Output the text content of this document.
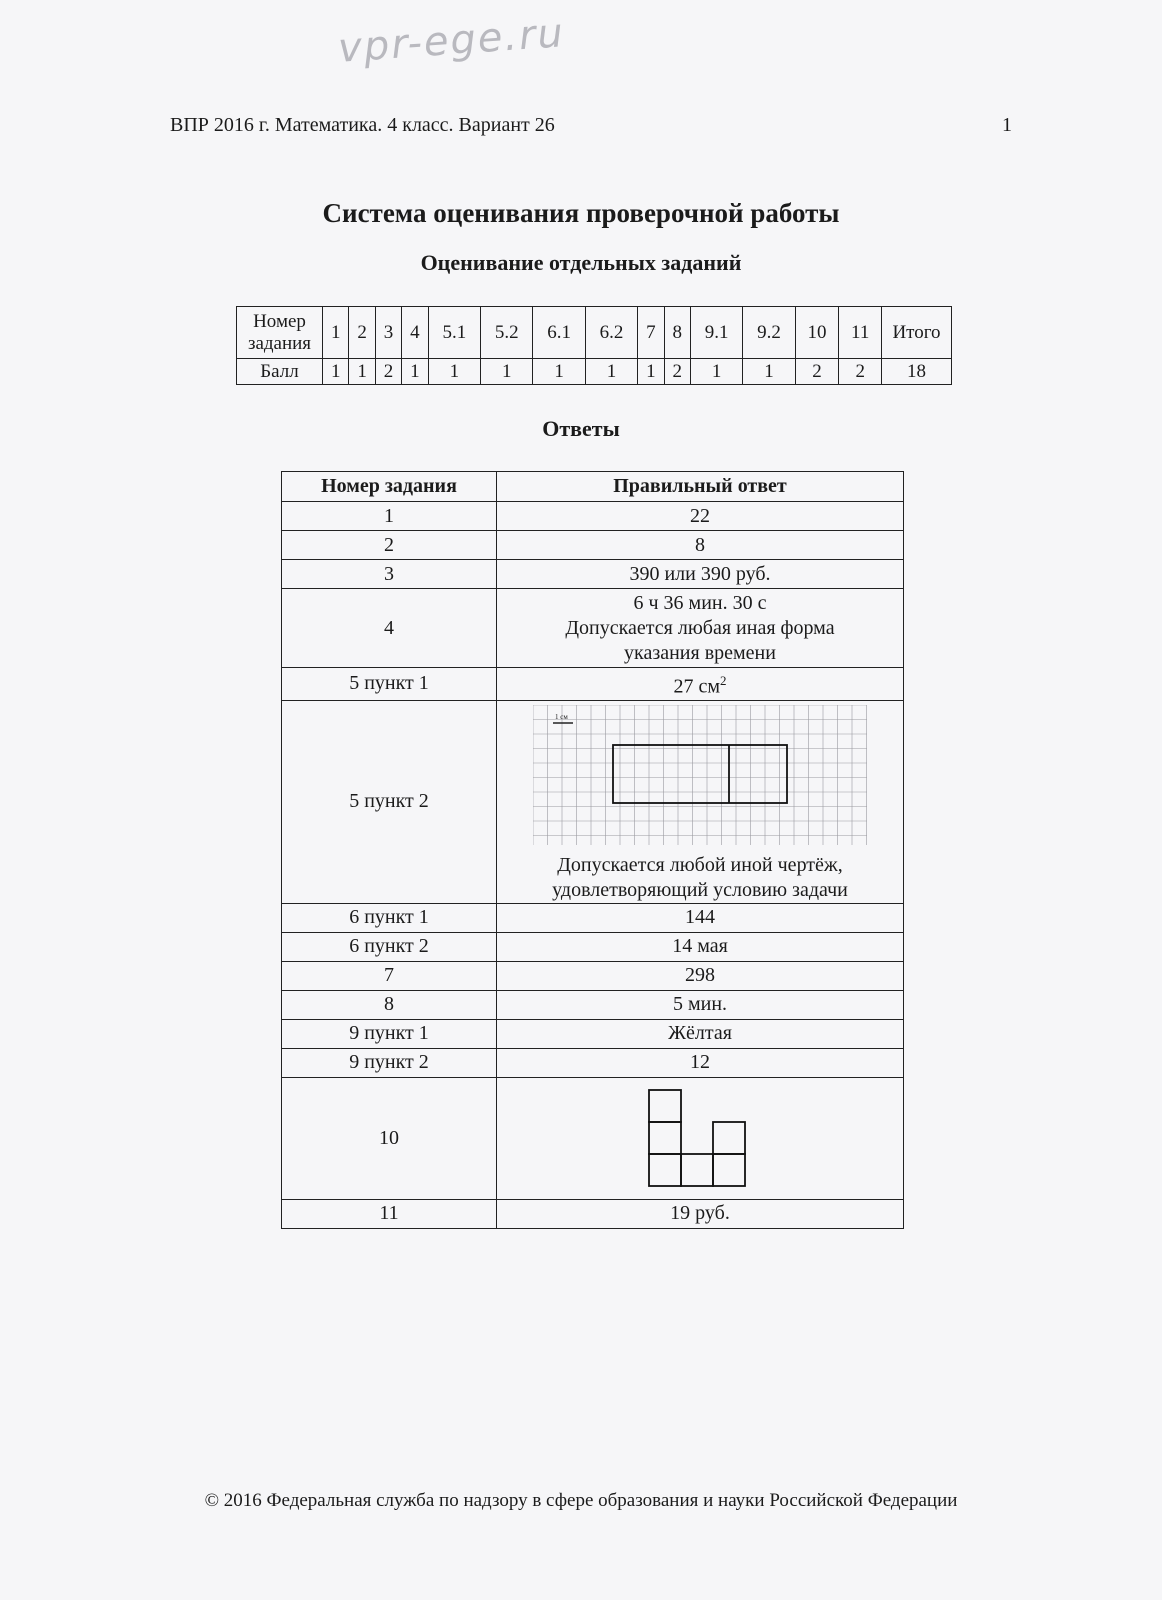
vpr-ege.ru
ВПР 2016 г. Математика. 4 класс. Вариант 26	1
Система оценивания проверочной работы
Оценивание отдельных заданий
Номер
задания	1	2	3	4	5.1	5.2	6.1	6.2	7	8	9.1	9.2	10	11	Итого
Балл	1	1	2	1	1	1	1	1	1	2	1	1	2	2	18
Ответы
Номер задания	Правильный ответ
1	22
2	8
3	390 или 390 руб.
4	6 ч 36 мин. 30 с
Допускается любая иная форма
указания времени
5 пункт 1	27 $см^2$
5 пункт 2	1 см
Допускается любой иной чертёж,
удовлетворяющий условию задачи

6 пункт 1	144
6 пункт 2	14 мая
7	298
8	5 мин.
9 пункт 1	Жёлтая
9 пункт 2	12
10	

11	19 руб.
© 2016 Федеральная служба по надзору в сфере образования и науки Российской Федерации
